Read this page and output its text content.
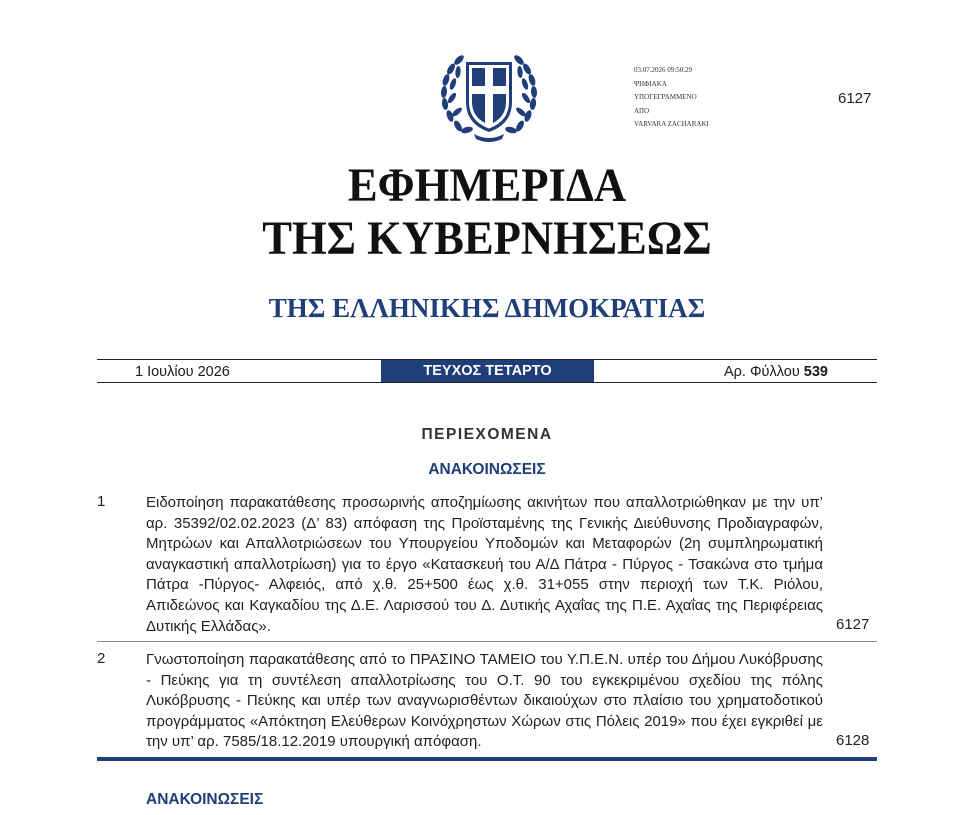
03.07.2026 09:50:29
ΨΗΦΙΑΚΑ
ΥΠΟΓΕΓΡΑΜΜΕΝΟ
ΑΠΟ
VARVARA ZACHARAKI
6127
ΕΦΗΜΕΡΙΔΑ
ΤΗΣ ΚΥΒΕΡΝΗΣΕΩΣ
ΤΗΣ ΕΛΛΗΝΙΚΗΣ ΔΗΜΟΚΡΑΤΙΑΣ
1 Ιουλίου 2026	ΤΕΥΧΟΣ ΤΕΤΑΡΤΟ	Αρ. Φύλλου 539
ΠΕΡΙΕΧΟΜΕΝΑ
ΑΝΑΚΟΙΝΩΣΕΙΣ
1	Ειδοποίηση παρακατάθεσης προσωρινής αποζημίωσης ακινήτων που απαλλοτριώθηκαν με την υπ’ αρ. 35392/02.02.2023 (Δ’ 83) απόφαση της Προϊσταμένης της Γενικής Διεύθυνσης Προδιαγραφών, Μητρώων και Απαλλοτριώσεων του Υπουργείου Υποδομών και Μεταφορών (2η συμπληρωματική αναγκαστική απαλλοτρίωση) για το έργο «Κατασκευή του Α/Δ Πάτρα - Πύργος - Τσακώνα στο τμήμα Πάτρα -Πύργος- Αλφειός, από χ.θ. 25+500 έως χ.θ. 31+055 στην περιοχή των Τ.Κ. Ριόλου, Απιδεώνος και Καγκαδίου της Δ.Ε. Λαρισσού του Δ. Δυτικής Αχαΐας της Π.Ε. Αχαΐας της Περιφέρειας Δυτικής Ελλάδας».	6127
2	Γνωστοποίηση παρακατάθεσης από το ΠΡΑΣΙΝΟ ΤΑΜΕΙΟ του Υ.Π.Ε.Ν. υπέρ του Δήμου Λυκόβρυσης - Πεύκης για τη συντέλεση απαλλοτρίωσης του Ο.Τ. 90 του εγκεκριμένου σχεδίου της πόλης Λυκόβρυσης - Πεύκης και υπέρ των αναγνωρισθέντων δικαιούχων στο πλαίσιο του χρηματοδοτικού προγράμματος «Απόκτηση Ελεύθερων Κοινόχρηστων Χώρων στις Πόλεις 2019» που έχει εγκριθεί με την υπ’ αρ. 7585/18.12.2019 υπουργική απόφαση.	6128
ΑΝΑΚΟΙΝΩΣΕΙΣ
